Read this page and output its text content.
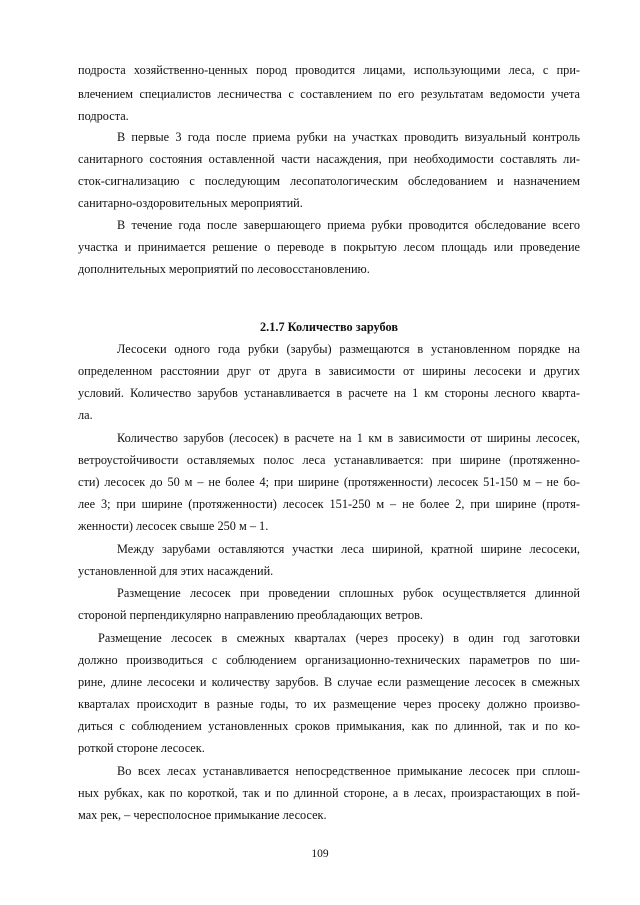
подроста хозяйственно-ценных пород проводится лицами, использующими леса, с при-
влечением специалистов лесничества с составлением по его результатам ведомости учета
подроста.
В первые 3 года после приема рубки на участках проводить визуальный контроль
санитарного состояния оставленной части насаждения, при необходимости составлять ли-
сток-сигнализацию с последующим лесопатологическим обследованием и назначением
санитарно-оздоровительных мероприятий.
В течение года после завершающего приема рубки проводится обследование всего
участка и принимается решение о переводе в покрытую лесом площадь или проведение
дополнительных мероприятий по лесовосстановлению.
2.1.7 Количество зарубов
Лесосеки одного года рубки (зарубы) размещаются в установленном порядке на
определенном расстоянии друг от друга в зависимости от ширины лесосеки и других
условий. Количество зарубов устанавливается в расчете на 1 км стороны лесного кварта-
ла.
Количество зарубов (лесосек) в расчете на 1 км в зависимости от ширины лесосек,
ветроустойчивости оставляемых полос леса устанавливается: при ширине (протяженно-
сти) лесосек до 50 м – не более 4; при ширине (протяженности) лесосек 51-150 м – не бо-
лее 3; при ширине (протяженности) лесосек 151-250 м – не более 2, при ширине (протя-
женности) лесосек свыше 250 м – 1.
Между зарубами оставляются участки леса шириной, кратной ширине лесосеки,
установленной для этих насаждений.
Размещение лесосек при проведении сплошных рубок осуществляется длинной
стороной перпендикулярно направлению преобладающих ветров.
Размещение лесосек в смежных кварталах (через просеку) в один год заготовки
должно производиться с соблюдением организационно-технических параметров по ши-
рине, длине лесосеки и количеству зарубов. В случае если размещение лесосек в смежных
кварталах происходит в разные годы, то их размещение через просеку должно произво-
диться с соблюдением установленных сроков примыкания, как по длинной, так и по ко-
роткой стороне лесосек.
Во всех лесах устанавливается непосредственное примыкание лесосек при сплош-
ных рубках, как по короткой, так и по длинной стороне, а в лесах, произрастающих в пой-
мах рек, – чересполосное примыкание лесосек.
109
